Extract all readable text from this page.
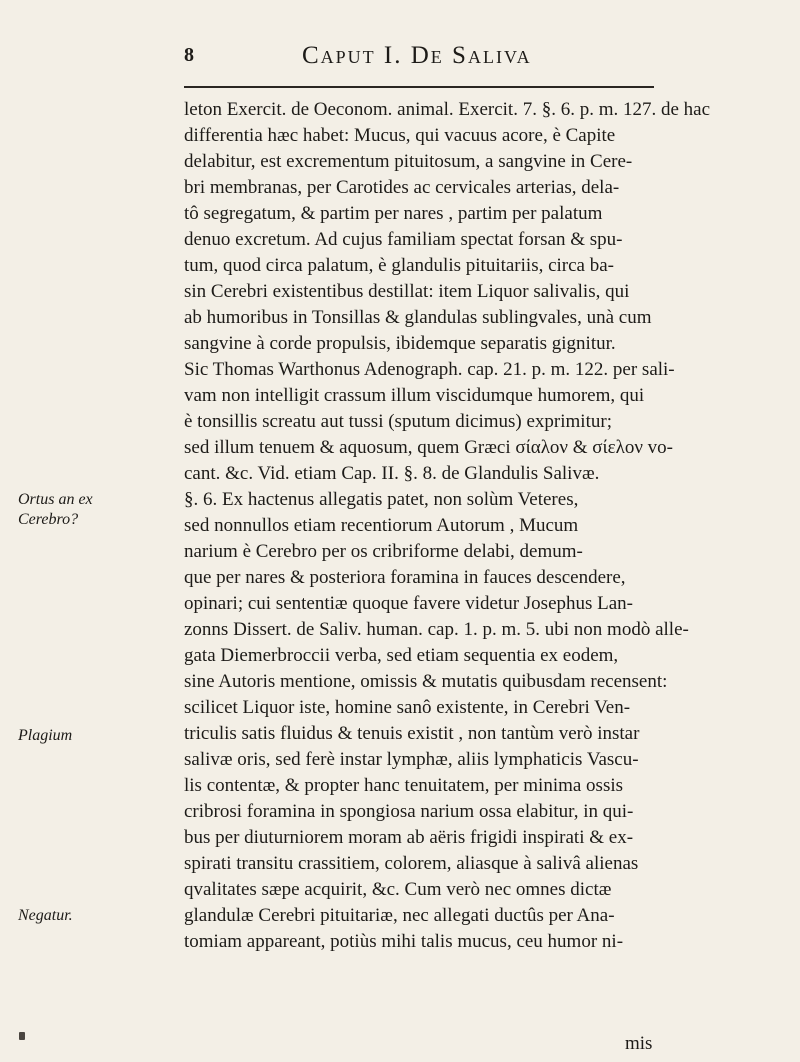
8	Caput I. De Saliva
leton Exercit. de Oeconom. animal. Exercit. 7. §. 6. p. m. 127. de hac
differentia hæc habet: Mucus, qui vacuus acore, è Capite
delabitur, est excrementum pituitosum, a sangvine in Cere-
bri membranas, per Carotides ac cervicales arterias, dela-
tô segregatum, & partim per nares , partim per palatum
denuo excretum. Ad cujus familiam spectat forsan & spu-
tum, quod circa palatum, è glandulis pituitariis, circa ba-
sin Cerebri existentibus destillat: item Liquor salivalis, qui
ab humoribus in Tonsillas & glandulas sublingvales, unà cum
sangvine à corde propulsis, ibidemque separatis gignitur.
Sic Thomas Warthonus Adenograph. cap. 21. p. m. 122. per sali-
vam non intelligit crassum illum viscidumque humorem, qui
è tonsillis screatu aut tussi (sputum dicimus) exprimitur;
sed illum tenuem & aquosum, quem Græci σίαλον & σίελον vo-
cant. &c. Vid. etiam Cap. II. §. 8. de Glandulis Salivæ.
§. 6. Ex hactenus allegatis patet, non solùm Veteres,
sed nonnullos etiam recentiorum Autorum , Mucum
narium è Cerebro per os cribriforme delabi, demum-
que per nares & posteriora foramina in fauces descendere,
opinari; cui sententiæ quoque favere videtur Josephus Lan-
zonns Dissert. de Saliv. human. cap. 1. p. m. 5. ubi non modò alle-
gata Diemerbroccii verba, sed etiam sequentia ex eodem,
sine Autoris mentione, omissis & mutatis quibusdam recensent:
scilicet Liquor iste, homine sanô existente, in Cerebri Ven-
triculis satis fluidus & tenuis existit , non tantùm verò instar
salivæ oris, sed ferè instar lymphæ, aliis lymphaticis Vascu-
lis contentæ, & propter hanc tenuitatem, per minima ossis
cribrosi foramina in spongiosa narium ossa elabitur, in qui-
bus per diuturniorem moram ab aëris frigidi inspirati & ex-
spirati transitu crassitiem, colorem, aliasque à salivâ alienas
qvalitates sæpe acquirit, &c. Cum verò nec omnes dictæ
glandulæ Cerebri pituitariæ, nec allegati ductûs per Ana-
tomiam appareant, potiùs mihi talis mucus, ceu humor ni-
Ortus an ex
Cerebro?
Plagium
Negatur.
mis
